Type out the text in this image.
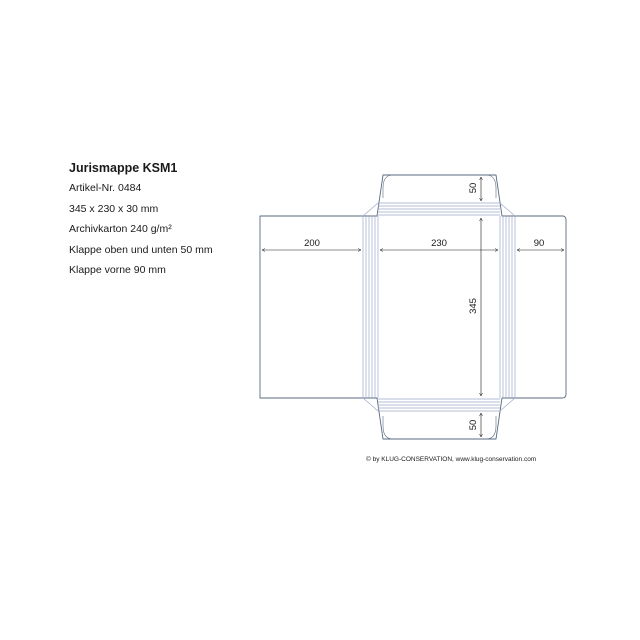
Jurismappe KSM1
Artikel-Nr. 0484
345 x 230 x 30 mm
Archivkarton 240 g/m²
Klappe oben und unten 50 mm
Klappe vorne 90 mm
200	230	90
345
50
50
© by KLUG-CONSERVATION, www.klug-conservation.com
